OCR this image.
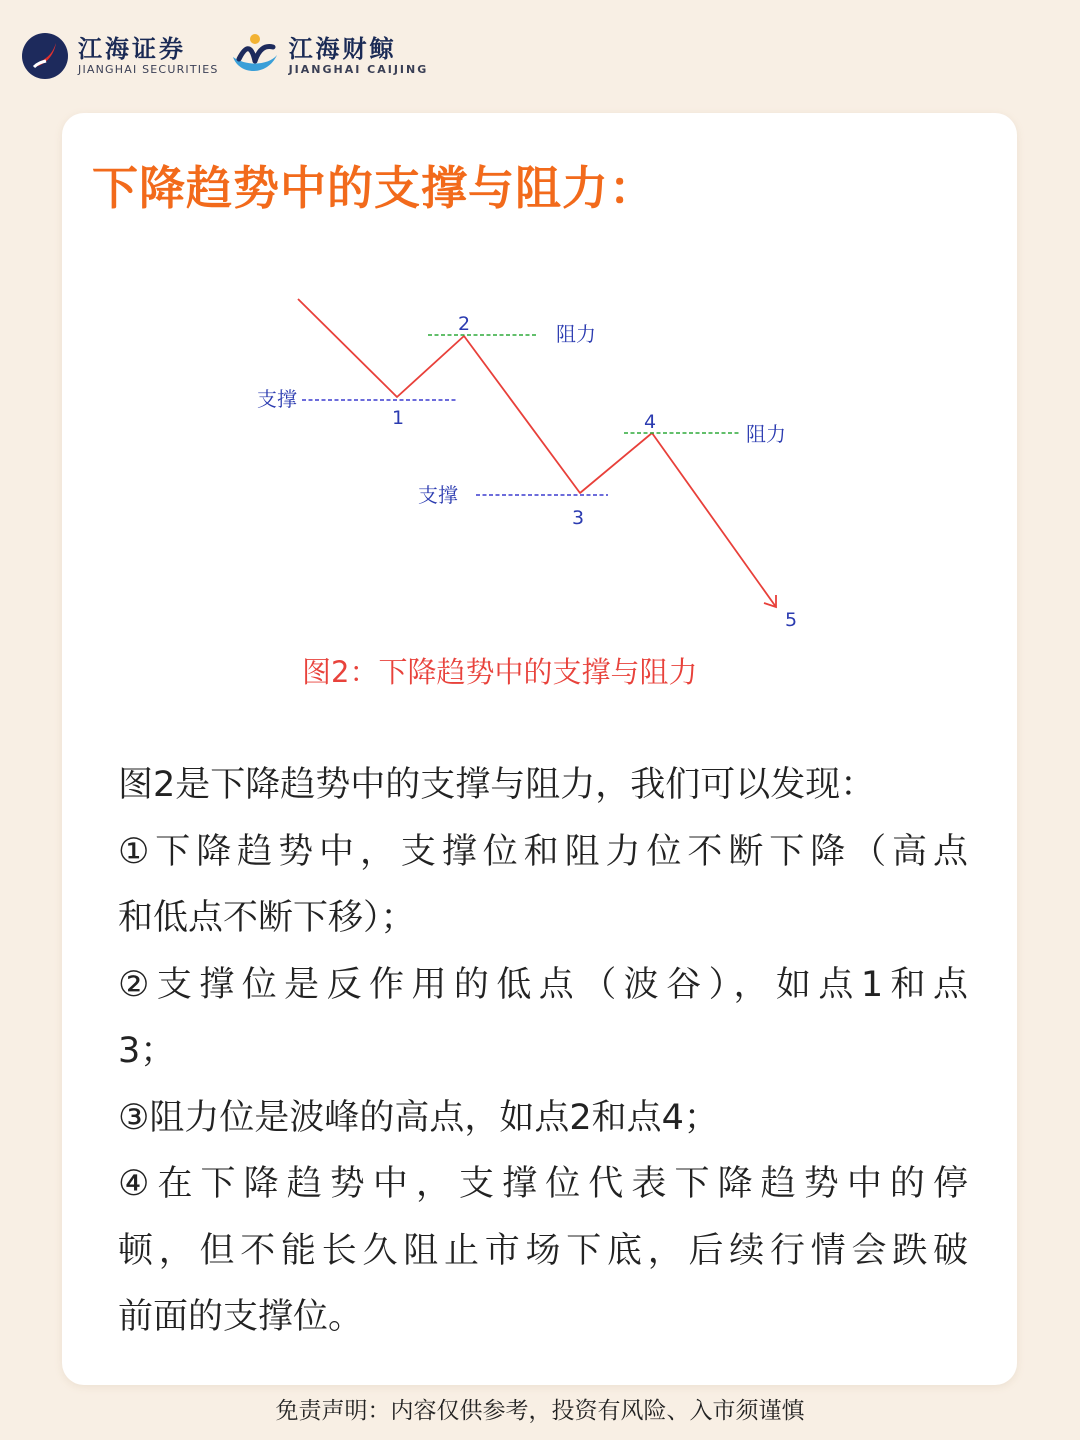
江海证券
JIANGHAI SECURITIES
江海财鲸
JIANGHAI CAIJING
下降趋势中的支撑与阻力：
支撑
支撑
阻力
阻力
1
2
3
4
5
图2：下降趋势中的支撑与阻力

图2是下降趋势中的支撑与阻力，我们可以发现：

①下降趋势中，支撑位和阻力位不断下降（高点

和低点不断下移）；

②支撑位是反作用的低点（波谷），如点1和点

3；

③阻力位是波峰的高点，如点2和点4；

④在下降趋势中，支撑位代表下降趋势中的停

顿，但不能长久阻止市场下底，后续行情会跌破

前面的支撑位。

免责声明：内容仅供参考，投资有风险、入市须谨慎
